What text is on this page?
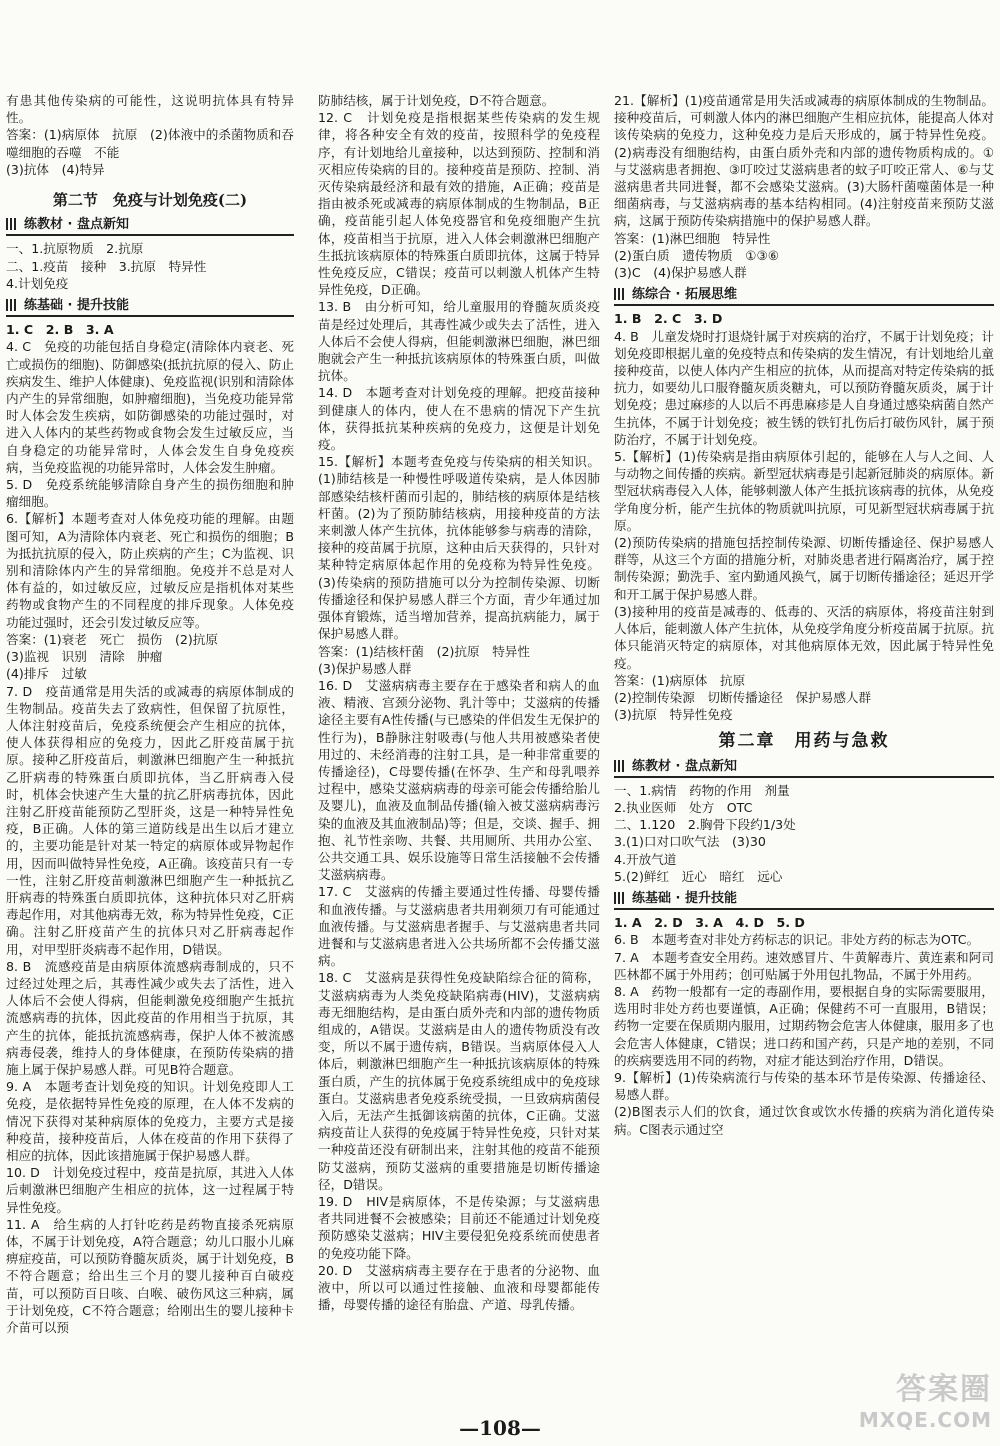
有患其他传染病的可能性，这说明抗体具有特异性。

答案：(1)病原体　抗原　(2)体液中的杀菌物质和吞噬细胞的吞噬　不能

(3)抗体　(4)特异

第二节　免疫与计划免疫(二)
练教材 · 盘点新知

一、1.抗原物质　2.抗原

二、1.疫苗　接种　3.抗原　特异性

4.计划免疫

练基础 · 提升技能

1. C　2. B　3. A

4. C　免疫的功能包括自身稳定(清除体内衰老、死亡或损伤的细胞)、防御感染(抵抗抗原的侵入、防止疾病发生、维护人体健康)、免疫监视(识别和清除体内产生的异常细胞，如肿瘤细胞)，当免疫功能异常时人体会发生疾病，如防御感染的功能过强时，对进入人体内的某些药物或食物会发生过敏反应，当自身稳定的功能异常时，人体会发生自身免疫疾病，当免疫监视的功能异常时，人体会发生肿瘤。

5. D　免疫系统能够清除自身产生的损伤细胞和肿瘤细胞。

6.【解析】本题考查对人体免疫功能的理解。由题图可知，A为清除体内衰老、死亡和损伤的细胞；B为抵抗抗原的侵入，防止疾病的产生；C为监视、识别和清除体内产生的异常细胞。免疫并不总是对人体有益的，如过敏反应，过敏反应是指机体对某些药物或食物产生的不同程度的排斥现象。人体免疫功能过强时，还会引发过敏反应等。

答案：(1)衰老　死亡　损伤　(2)抗原

(3)监视　识别　清除　肿瘤

(4)排斥　过敏

7. D　疫苗通常是用失活的或减毒的病原体制成的生物制品。疫苗失去了致病性，但保留了抗原性，人体注射疫苗后，免疫系统便会产生相应的抗体，使人体获得相应的免疫力，因此乙肝疫苗属于抗原。接种乙肝疫苗后，刺激淋巴细胞产生一种抵抗乙肝病毒的特殊蛋白质即抗体，当乙肝病毒入侵时，机体会快速产生大量的抗乙肝病毒抗体，因此注射乙肝疫苗能预防乙型肝炎，这是一种特异性免疫，B正确。人体的第三道防线是出生以后才建立的，主要功能是针对某一特定的病原体或异物起作用，因而叫做特异性免疫，A正确。该疫苗只有一专一性，注射乙肝疫苗刺激淋巴细胞产生一种抵抗乙肝病毒的特殊蛋白质即抗体，这种抗体只对乙肝病毒起作用，对其他病毒无效，称为特异性免疫，C正确。注射乙肝疫苗产生的抗体只对乙肝病毒起作用，对甲型肝炎病毒不起作用，D错误。

8. B　流感疫苗是由病原体流感病毒制成的，只不过经过处理之后，其毒性减少或失去了活性，进入人体后不会使人得病，但能刺激免疫细胞产生抵抗流感病毒的抗体，因此疫苗的作用相当于抗原，其产生的抗体，能抵抗流感病毒，保护人体不被流感病毒侵袭，维持人的身体健康，在预防传染病的措施上属于保护易感人群。可见B符合题意。

9. A　本题考查计划免疫的知识。计划免疫即人工免疫，是依据特异性免疫的原理，在人体不发病的情况下获得对某种病原体的免疫力，主要方式是接种疫苗，接种疫苗后，人体在疫苗的作用下获得了相应的抗体，因此该措施属于保护易感人群。

10. D　计划免疫过程中，疫苗是抗原，其进入人体后刺激淋巴细胞产生相应的抗体，这一过程属于特异性免疫。

11. A　给生病的人打针吃药是药物直接杀死病原体，不属于计划免疫，A符合题意；幼儿口服小儿麻痹症疫苗，可以预防脊髓灰质炎，属于计划免疫，B不符合题意；给出生三个月的婴儿接种百白破疫苗，可以预防百日咳、白喉、破伤风这三种病，属于计划免疫，C不符合题意；给刚出生的婴儿接种卡介苗可以预

防肺结核，属于计划免疫，D不符合题意。

12. C　计划免疫是指根据某些传染病的发生规律，将各种安全有效的疫苗，按照科学的免疫程序，有计划地给儿童接种，以达到预防、控制和消灭相应传染病的目的。接种疫苗是预防、控制、消灭传染病最经济和最有效的措施，A正确；疫苗是指由被杀死或减毒的病原体制成的生物制品，B正确，疫苗能引起人体免疫器官和免疫细胞产生抗体，疫苗相当于抗原，进入人体会刺激淋巴细胞产生抵抗该病原体的特殊蛋白质即抗体，这属于特异性免疫反应，C错误；疫苗可以刺激人机体产生特异性免疫，D正确。

13. B　由分析可知，给儿童服用的脊髓灰质炎疫苗是经过处理后，其毒性减少或失去了活性，进入人体后不会使人得病，但能刺激淋巴细胞，淋巴细胞就会产生一种抵抗该病原体的特殊蛋白质，叫做抗体。

14. D　本题考查对计划免疫的理解。把疫苗接种到健康人的体内，使人在不患病的情况下产生抗体，获得抵抗某种疾病的免疫力，这便是计划免疫。

15.【解析】本题考查免疫与传染病的相关知识。(1)肺结核是一种慢性呼吸道传染病，是人体因肺部感染结核杆菌而引起的，肺结核的病原体是结核杆菌。(2)为了预防肺结核病，用接种疫苗的方法来刺激人体产生抗体，抗体能够参与病毒的清除，接种的疫苗属于抗原，这种由后天获得的，只针对某种特定病原体起作用的免疫称为特异性免疫。(3)传染病的预防措施可以分为控制传染源、切断传播途径和保护易感人群三个方面，青少年通过加强体育锻炼，适当增加营养，提高抗病能力，属于保护易感人群。

答案：(1)结核杆菌　(2)抗原　特异性

(3)保护易感人群

16. D　艾滋病病毒主要存在于感染者和病人的血液、精液、宫颈分泌物、乳汁等中；艾滋病的传播途径主要有A性传播(与已感染的伴侣发生无保护的性行为)，B静脉注射吸毒(与他人共用被感染者使用过的、未经消毒的注射工具，是一种非常重要的传播途径)，C母婴传播(在怀孕、生产和母乳喂养过程中，感染艾滋病病毒的母亲可能会传播给胎儿及婴儿)，血液及血制品传播(输入被艾滋病病毒污染的血液及其血液制品)等；但是，交谈、握手、拥抱、礼节性亲吻、共餐、共用厕所、共用办公室、公共交通工具、娱乐设施等日常生活接触不会传播艾滋病病毒。

17. C　艾滋病的传播主要通过性传播、母婴传播和血液传播。与艾滋病患者共用剃须刀有可能通过血液传播。与艾滋病患者握手、与艾滋病患者共同进餐和与艾滋病患者进入公共场所都不会传播艾滋病。

18. C　艾滋病是获得性免疫缺陷综合征的简称，艾滋病病毒为人类免疫缺陷病毒(HIV)，艾滋病病毒无细胞结构，是由蛋白质外壳和内部的遗传物质组成的，A错误。艾滋病是由人的遗传物质没有改变，所以不属于遗传病，B错误。当病原体侵入人体后，刺激淋巴细胞产生一种抵抗该病原体的特殊蛋白质，产生的抗体属于免疫系统组成中的免疫球蛋白。艾滋病患者免疫系统受损，一旦致病病菌侵入后，无法产生抵御该病菌的抗体，C正确。艾滋病疫苗让人获得的免疫属于特异性免疫，只针对某一种疫苗还没有研制出来，注射其他的疫苗不能预防艾滋病，预防艾滋病的重要措施是切断传播途径，D错误。

19. D　HIV是病原体，不是传染源；与艾滋病患者共同进餐不会被感染；目前还不能通过计划免疫预防感染艾滋病；HIV主要侵犯免疫系统而使患者的免疫功能下降。

20. D　艾滋病病毒主要存在于患者的分泌物、血液中，所以可以通过性接触、血液和母婴都能传播，母婴传播的途径有胎盘、产道、母乳传播。

21.【解析】(1)疫苗通常是用失活或减毒的病原体制成的生物制品。接种疫苗后，可刺激人体内的淋巴细胞产生相应抗体，能提高人体对该传染病的免疫力，这种免疫力是后天形成的，属于特异性免疫。(2)病毒没有细胞结构，由蛋白质外壳和内部的遗传物质构成的。①与艾滋病患者拥抱、③叮咬过艾滋病患者的蚊子叮咬正常人、⑥与艾滋病患者共同进餐，都不会感染艾滋病。(3)大肠杆菌噬菌体是一种细菌病毒，与艾滋病病毒的基本结构相同。(4)注射疫苗来预防艾滋病，这属于预防传染病措施中的保护易感人群。

答案：(1)淋巴细胞　特异性

(2)蛋白质　遗传物质　①③⑥

(3)C　(4)保护易感人群

练综合 · 拓展思维

1. B　2. C　3. D

4. B　儿童发烧时打退烧针属于对疾病的治疗，不属于计划免疫；计划免疫即根据儿童的免疫特点和传染病的发生情况，有计划地给儿童接种疫苗，以使人体内产生相应的抗体，从而提高对特定传染病的抵抗力，如要幼儿口服脊髓灰质炎糖丸，可以预防脊髓灰质炎，属于计划免疫；患过麻疹的人以后不再患麻疹是人自身通过感染病菌自然产生抗体，不属于计划免疫；被生锈的铁钉扎伤后打破伤风针，属于预防治疗，不属于计划免疫。

5.【解析】(1)传染病是指由病原体引起的，能够在人与人之间、人与动物之间传播的疾病。新型冠状病毒是引起新冠肺炎的病原体。新型冠状病毒侵入人体，能够刺激人体产生抵抗该病毒的抗体，从免疫学角度分析，能产生抗体的物质就叫抗原，可见新型冠状病毒属于抗原。

(2)预防传染病的措施包括控制传染源、切断传播途径、保护易感人群等，从这三个方面的措施分析，对肺炎患者进行隔离治疗，属于控制传染源；勤洗手、室内勤通风换气，属于切断传播途径；延迟开学和开工属于保护易感人群。

(3)接种用的疫苗是减毒的、低毒的、灭活的病原体，将疫苗注射到人体后，能刺激人体产生抗体，从免疫学角度分析疫苗属于抗原。抗体只能消灭特定的病原体，对其他病原体无效，因此属于特异性免疫。

答案：(1)病原体　抗原

(2)控制传染源　切断传播途径　保护易感人群

(3)抗原　特异性免疫

第二章　用药与急救
练教材 · 盘点新知

一、1.病情　药物的作用　剂量

2.执业医师　处方　OTC

二、1.120　2.胸骨下段约1/3处

3.(1)口对口吹气法　(3)30

4.开放气道

5.(2)鲜红　近心　暗红　远心

练基础 · 提升技能

1. A　2. D　3. A　4. D　5. D

6. B　本题考查对非处方药标志的识记。非处方药的标志为OTC。

7. A　本题考查安全用药。速效感冒片、牛黄解毒片、黄连素和阿司匹林都不属于外用药；创可贴属于外用包扎物品，不属于外用药。

8. A　药物一般都有一定的毒副作用，要根据自身的实际需要服用，选用时非处方药也要谨慎，A正确；保健药不可一直服用，B错误；药物一定要在保质期内服用，过期药物会危害人体健康，服用多了也会危害人体健康，C错误；进口药和国产药，只是产地的差别，不同的疾病要选用不同的药物，对症才能达到治疗作用，D错误。

9.【解析】(1)传染病流行与传染的基本环节是传染源、传播途径、易感人群。

(2)B图表示人们的饮食，通过饮食或饮水传播的疾病为消化道传染病。C图表示通过空

—108—
答案圈
MXQE.COM
